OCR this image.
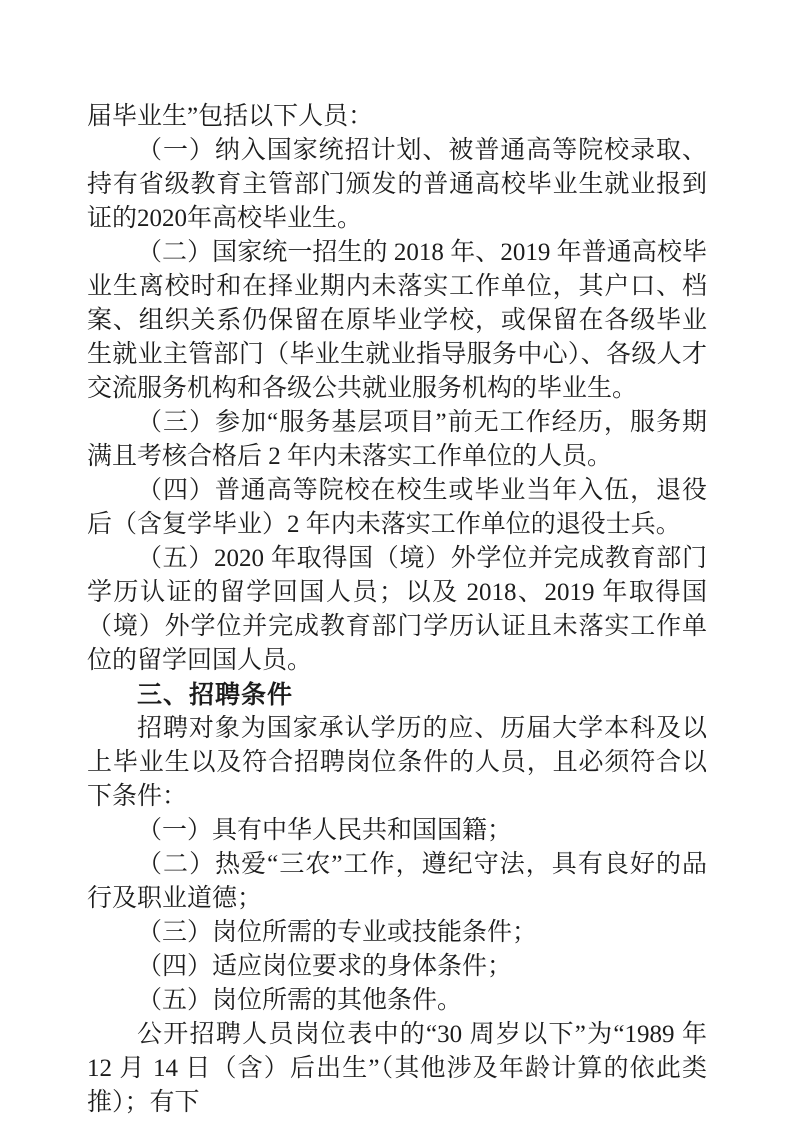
届毕业生”包括以下人员：

（一）纳入国家统招计划、被普通高等院校录取、持有省级教育主管部门颁发的普通高校毕业生就业报到证的2020年高校毕业生。

（二）国家统一招生的 2018 年、2019 年普通高校毕业生离校时和在择业期内未落实工作单位，其户口、档案、组织关系仍保留在原毕业学校，或保留在各级毕业生就业主管部门（毕业生就业指导服务中心）、各级人才交流服务机构和各级公共就业服务机构的毕业生。

（三）参加“服务基层项目”前无工作经历，服务期满且考核合格后 2 年内未落实工作单位的人员。

（四）普通高等院校在校生或毕业当年入伍，退役后（含复学毕业）2 年内未落实工作单位的退役士兵。

（五）2020 年取得国（境）外学位并完成教育部门学历认证的留学回国人员；以及 2018、2019 年取得国（境）外学位并完成教育部门学历认证且未落实工作单位的留学回国人员。

三、招聘条件

招聘对象为国家承认学历的应、历届大学本科及以上毕业生以及符合招聘岗位条件的人员，且必须符合以下条件：

（一）具有中华人民共和国国籍；

（二）热爱“三农”工作，遵纪守法，具有良好的品行及职业道德；

（三）岗位所需的专业或技能条件；

（四）适应岗位要求的身体条件；

（五）岗位所需的其他条件。

公开招聘人员岗位表中的“30 周岁以下”为“1989 年 12 月 14 日（含）后出生”（其他涉及年龄计算的依此类推）；有下
